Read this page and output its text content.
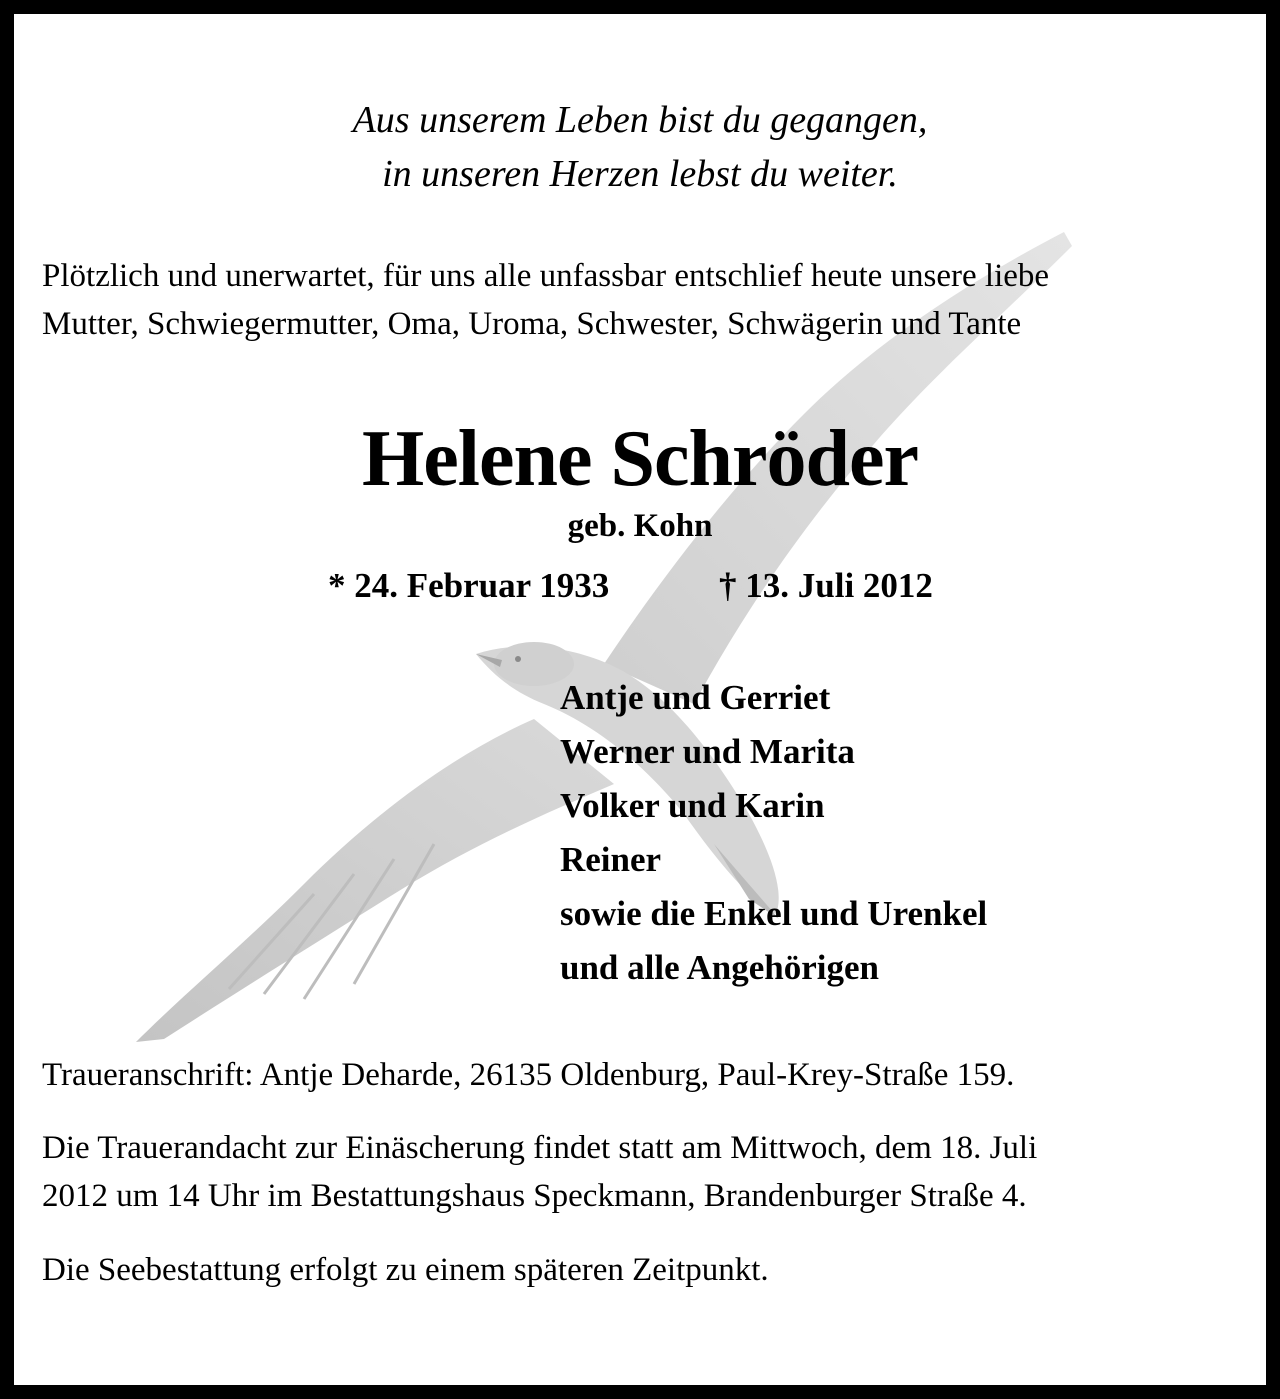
Aus unserem Leben bist du gegangen,

in unseren Herzen lebst du weiter.

Plötzlich und unerwartet, für uns alle unfassbar entschlief heute unsere liebe

Mutter, Schwiegermutter, Oma, Uroma, Schwester, Schwägerin und Tante

Helene Schröder

geb. Kohn

* 24. Februar 1933	† 13. Juli 2012

Antje und Gerriet

Werner und Marita

Volker und Karin

Reiner

sowie die Enkel und Urenkel

und alle Angehörigen

Traueranschrift: Antje Deharde, 26135 Oldenburg, Paul-Krey-Straße 159.

Die Trauerandacht zur Einäscherung findet statt am Mittwoch, dem 18. Juli

2012 um 14 Uhr im Bestattungshaus Speckmann, Brandenburger Straße 4.

Die Seebestattung erfolgt zu einem späteren Zeitpunkt.
